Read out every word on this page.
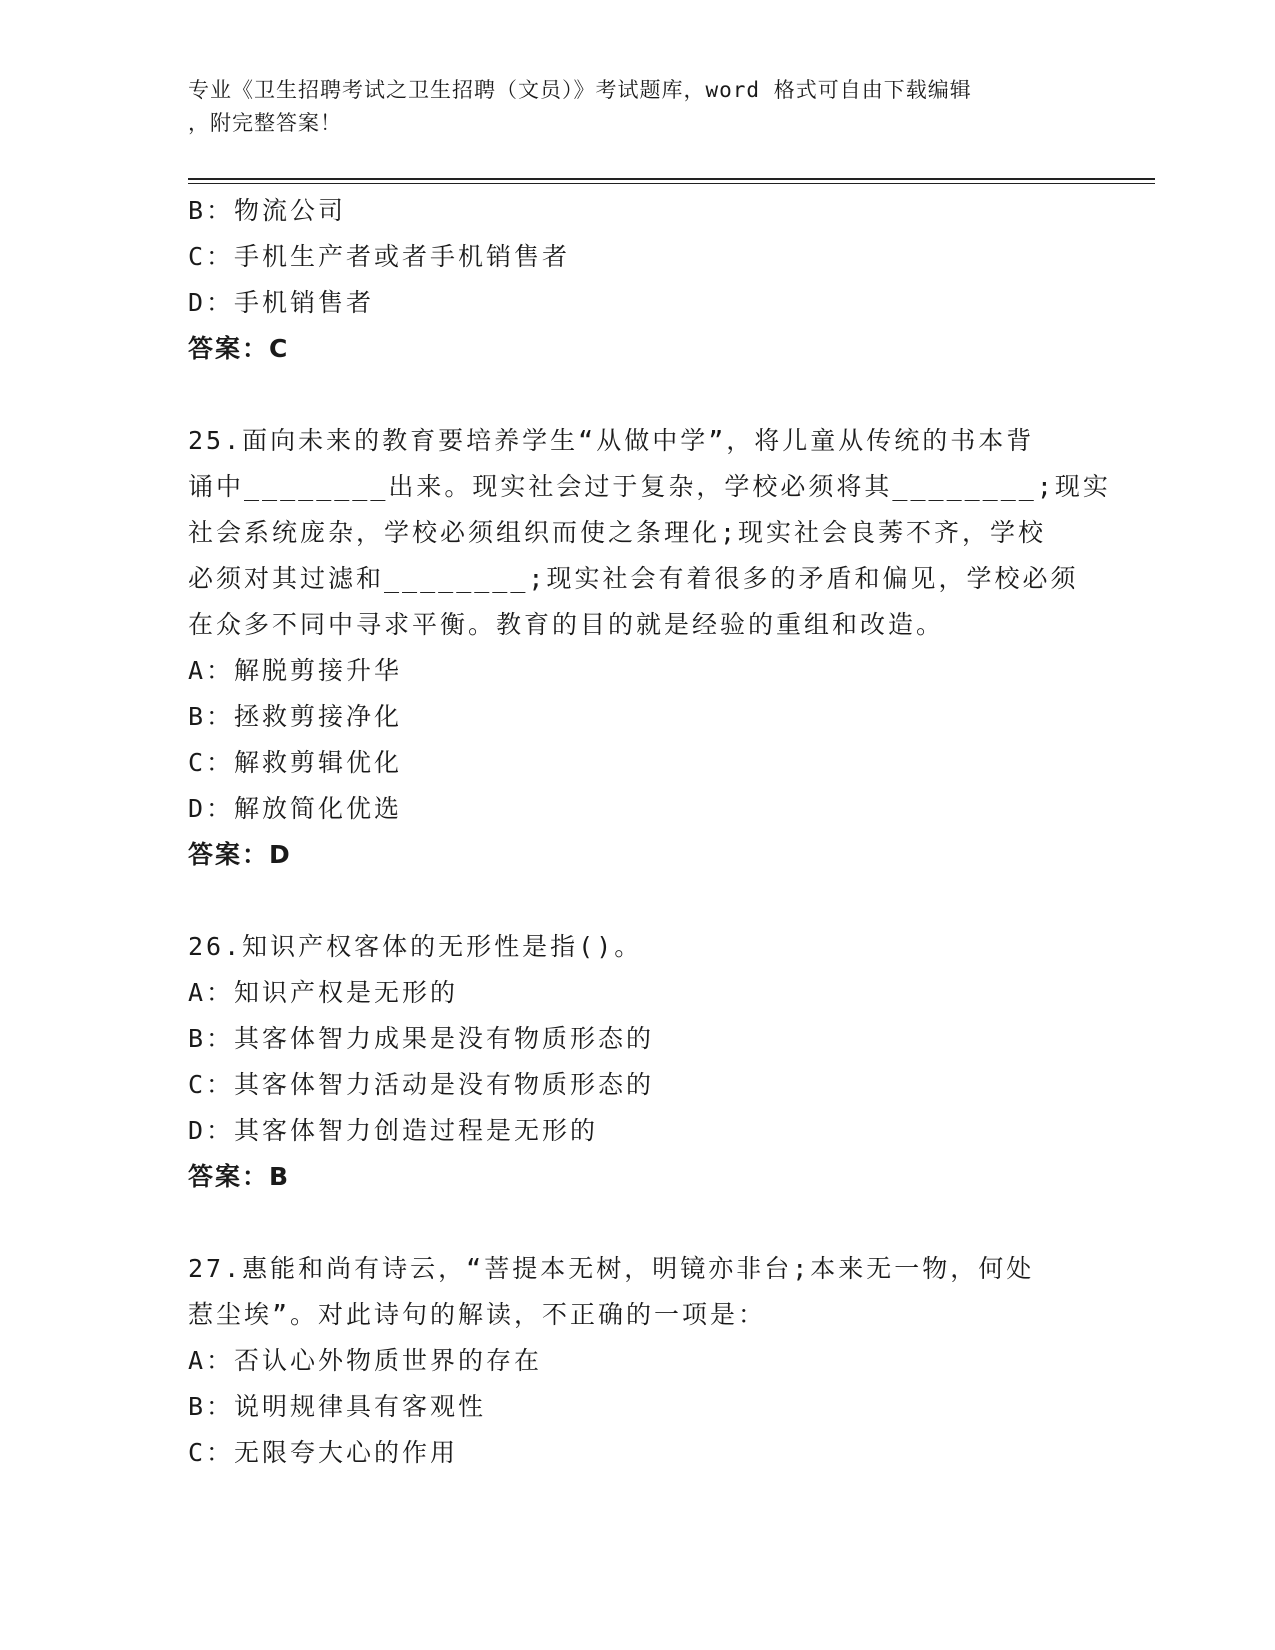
专业《卫生招聘考试之卫生招聘（文员）》考试题库，word 格式可自由下载编辑
，附完整答案！
B：物流公司
C：手机生产者或者手机销售者
D：手机销售者
答案：C
25.面向未来的教育要培养学生“从做中学”，将儿童从传统的书本背
诵中________出来。现实社会过于复杂，学校必须将其________;现实
社会系统庞杂，学校必须组织而使之条理化;现实社会良莠不齐，学校
必须对其过滤和________;现实社会有着很多的矛盾和偏见，学校必须
在众多不同中寻求平衡。教育的目的就是经验的重组和改造。
A：解脱剪接升华
B：拯救剪接净化
C：解救剪辑优化
D：解放简化优选
答案：D
26.知识产权客体的无形性是指()。
A：知识产权是无形的
B：其客体智力成果是没有物质形态的
C：其客体智力活动是没有物质形态的
D：其客体智力创造过程是无形的
答案：B
27.惠能和尚有诗云，“菩提本无树，明镜亦非台;本来无一物，何处
惹尘埃”。对此诗句的解读，不正确的一项是：
A：否认心外物质世界的存在
B：说明规律具有客观性
C：无限夸大心的作用
